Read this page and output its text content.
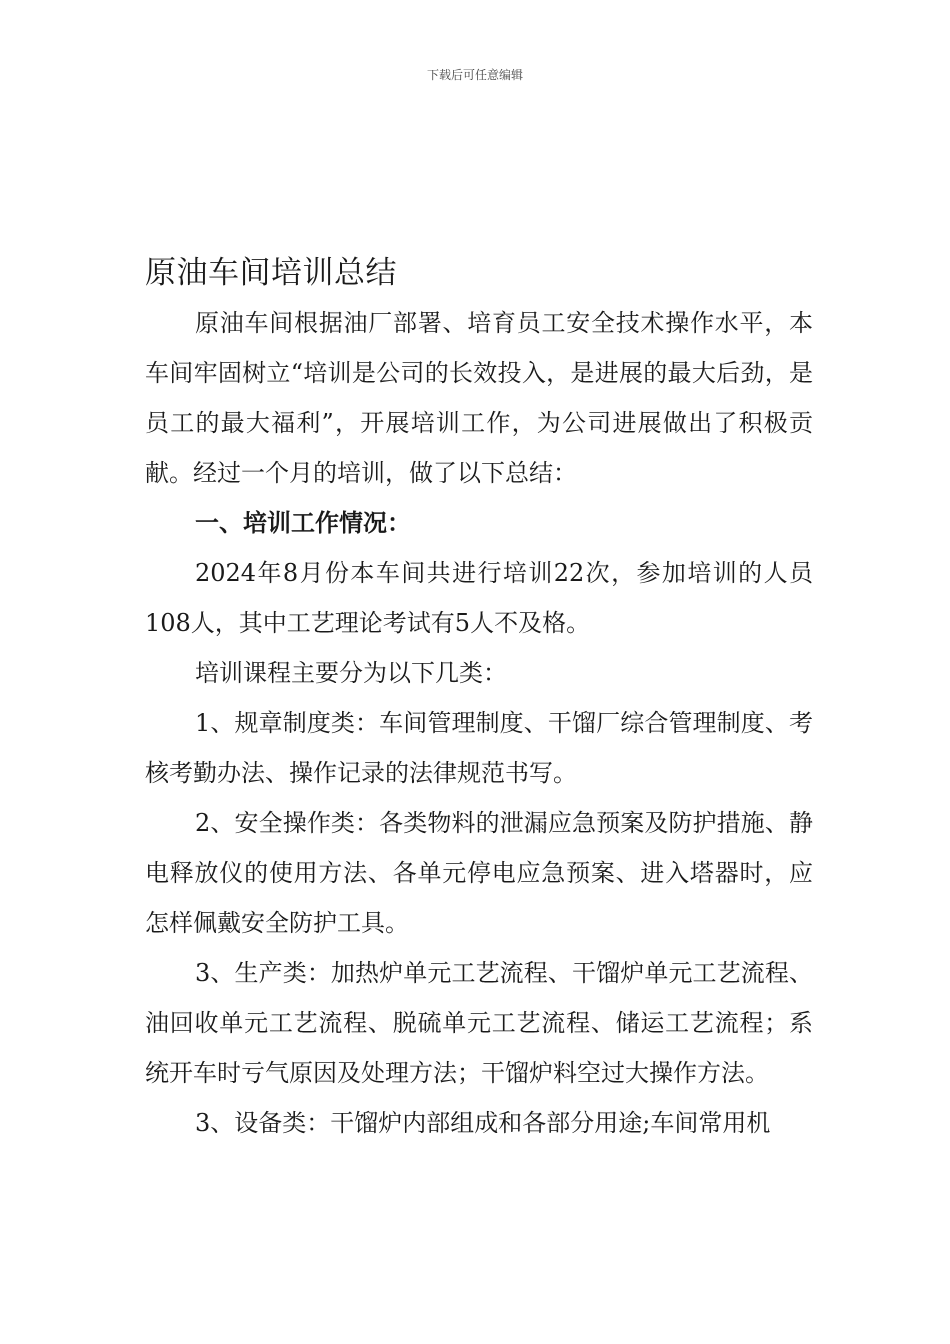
下载后可任意编辑
原油车间培训总结

原油车间根据油厂部署、培育员工安全技术操作水平，本车间牢固树立“培训是公司的长效投入，是进展的最大后劲，是员工的最大福利”，开展培训工作，为公司进展做出了积极贡献。经过一个月的培训，做了以下总结：

一、培训工作情况：

2024年8月份本车间共进行培训22次，参加培训的人员108人，其中工艺理论考试有5人不及格。

培训课程主要分为以下几类：

1、规章制度类：车间管理制度、干馏厂综合管理制度、考核考勤办法、操作记录的法律规范书写。

2、安全操作类：各类物料的泄漏应急预案及防护措施、静电释放仪的使用方法、各单元停电应急预案、进入塔器时，应怎样佩戴安全防护工具。

3、生产类：加热炉单元工艺流程、干馏炉单元工艺流程、油回收单元工艺流程、脱硫单元工艺流程、储运工艺流程；系统开车时亏气原因及处理方法；干馏炉料空过大操作方法。

3、设备类：干馏炉内部组成和各部分用途;车间常用机
